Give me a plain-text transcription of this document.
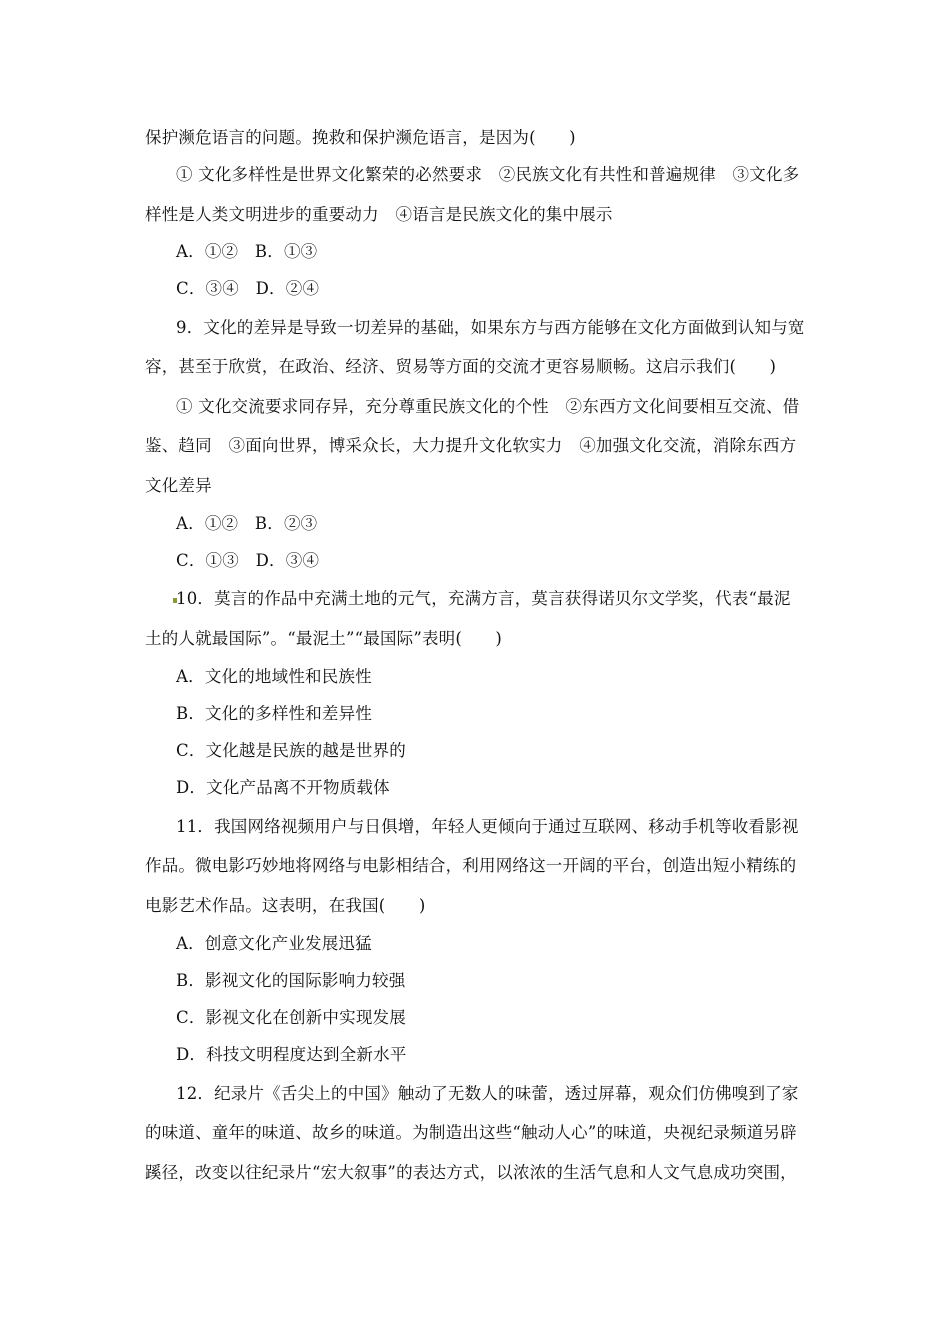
保护濒危语言的问题。挽救和保护濒危语言，是因为(　　)
① 文化多样性是世界文化繁荣的必然要求　②民族文化有共性和普遍规律　③文化多
样性是人类文明进步的重要动力　④语言是民族文化的集中展示
A．①②　B．①③
C．③④　D．②④
9．文化的差异是导致一切差异的基础，如果东方与西方能够在文化方面做到认知与宽
容，甚至于欣赏，在政治、经济、贸易等方面的交流才更容易顺畅。这启示我们(　　)
① 文化交流要求同存异，充分尊重民族文化的个性　②东西方文化间要相互交流、借
鉴、趋同　③面向世界，博采众长，大力提升文化软实力　④加强文化交流，消除东西方
文化差异
A．①②　B．②③
C．①③　D．③④
10．莫言的作品中充满土地的元气，充满方言，莫言获得诺贝尔文学奖，代表“最泥
土的人就最国际”。“最泥土”“最国际”表明(　　)
A．文化的地域性和民族性
B．文化的多样性和差异性
C．文化越是民族的越是世界的
D．文化产品离不开物质载体
11．我国网络视频用户与日俱增，年轻人更倾向于通过互联网、移动手机等收看影视
作品。微电影巧妙地将网络与电影相结合，利用网络这一开阔的平台，创造出短小精练的
电影艺术作品。这表明，在我国(　　)
A．创意文化产业发展迅猛
B．影视文化的国际影响力较强
C．影视文化在创新中实现发展
D．科技文明程度达到全新水平
12．纪录片《舌尖上的中国》触动了无数人的味蕾，透过屏幕，观众们仿佛嗅到了家
的味道、童年的味道、故乡的味道。为制造出这些“触动人心”的味道，央视纪录频道另辟
蹊径，改变以往纪录片“宏大叙事”的表达方式，以浓浓的生活气息和人文气息成功突围，
